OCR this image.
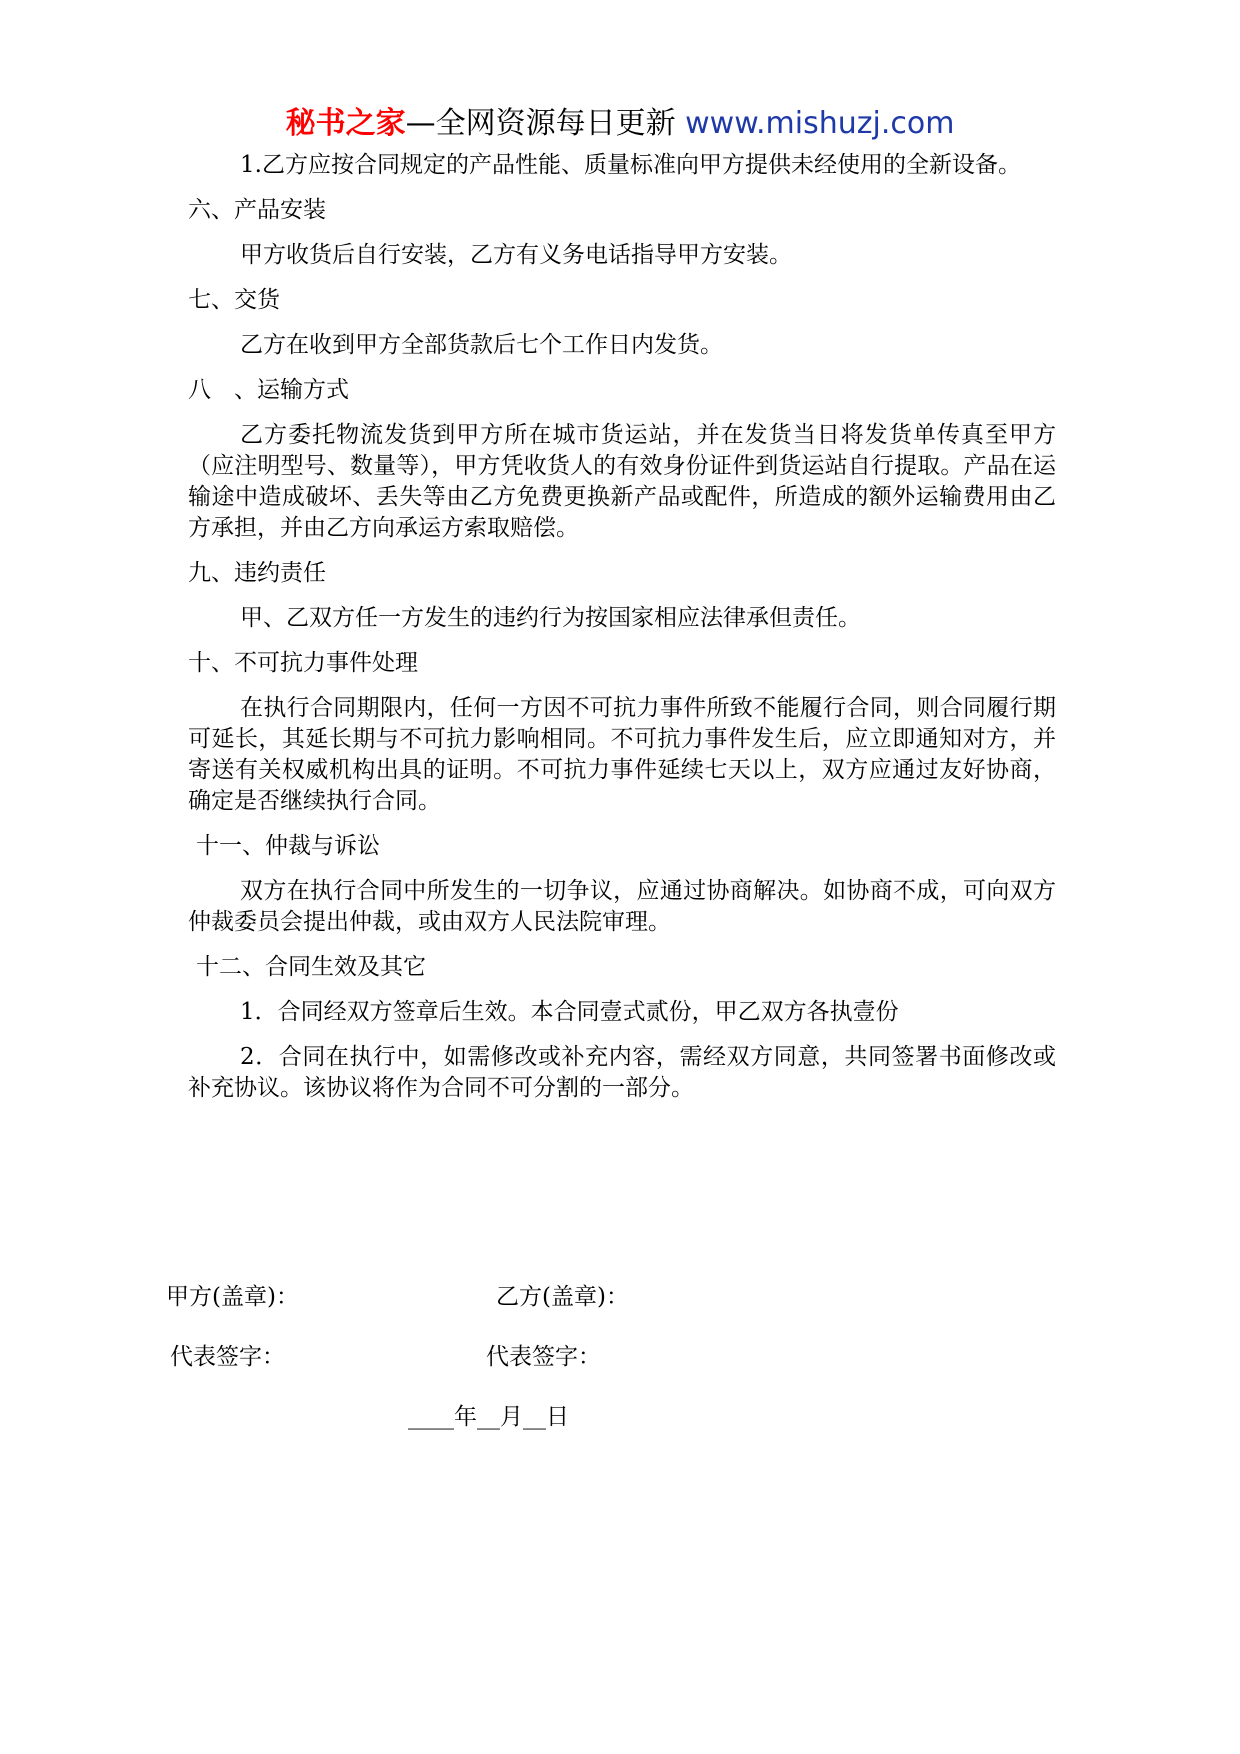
秘书之家—全网资源每日更新 www.mishuzj.com

1.乙方应按合同规定的产品性能、质量标准向甲方提供未经使用的全新设备。

六、产品安装

甲方收货后自行安装，乙方有义务电话指导甲方安装。

七、交货

乙方在收到甲方全部货款后七个工作日内发货。

八　、运输方式

乙方委托物流发货到甲方所在城市货运站，并在发货当日将发货单传真至甲方（应注明型号、数量等），甲方凭收货人的有效身份证件到货运站自行提取。产品在运输途中造成破坏、丢失等由乙方免费更换新产品或配件，所造成的额外运输费用由乙方承担，并由乙方向承运方索取赔偿。

九、违约责任

甲、乙双方任一方发生的违约行为按国家相应法律承但责任。

十、不可抗力事件处理

在执行合同期限内，任何一方因不可抗力事件所致不能履行合同，则合同履行期可延长，其延长期与不可抗力影响相同。不可抗力事件发生后，应立即通知对方，并寄送有关权威机构出具的证明。不可抗力事件延续七天以上，双方应通过友好协商，确定是否继续执行合同。

十一、仲裁与诉讼

双方在执行合同中所发生的一切争议，应通过协商解决。如协商不成，可向双方仲裁委员会提出仲裁，或由双方人民法院审理。

十二、合同生效及其它

1．合同经双方签章后生效。本合同壹式贰份，甲乙双方各执壹份

2．合同在执行中，如需修改或补充内容，需经双方同意，共同签署书面修改或补充协议。该协议将作为合同不可分割的一部分。

甲方(盖章)：	乙方(盖章)：
代表签字：	代表签字：
____年__月__日
